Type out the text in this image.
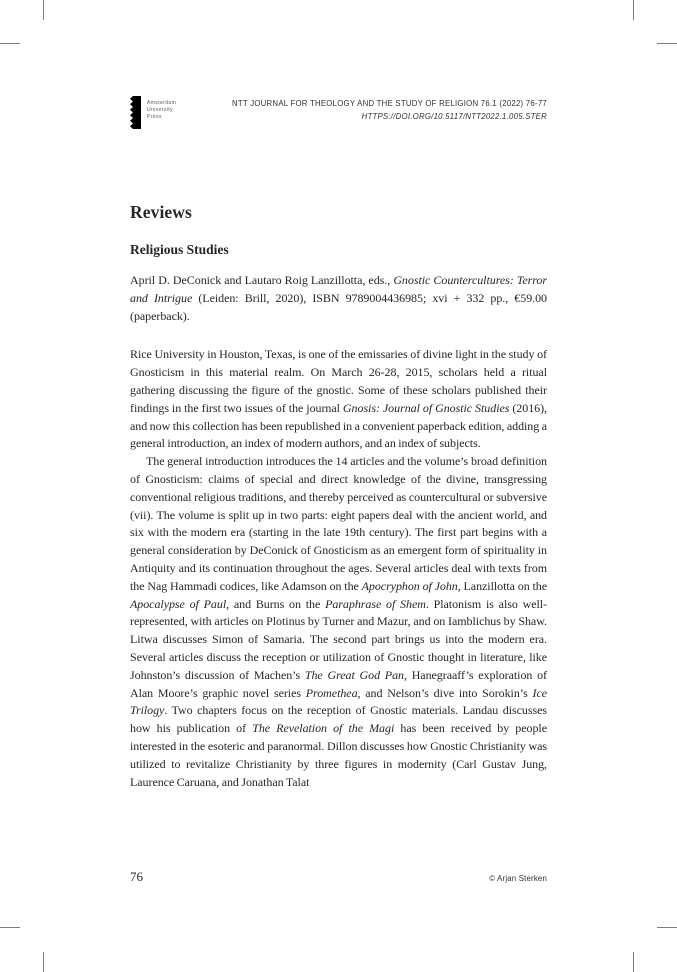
Amsterdam
University
Press
NTT JOURNAL FOR THEOLOGY AND THE STUDY OF RELIGION 76.1 (2022) 76-77
HTTPS://DOI.ORG/10.5117/NTT2022.1.005.STER
Reviews
Religious Studies

April D. DeConick and Lautaro Roig Lanzillotta, eds., Gnostic Countercultures: Terror and Intrigue (Leiden: Brill, 2020), ISBN 9789004436985; xvi + 332 pp., €59.00 (paperback).

Rice University in Houston, Texas, is one of the emissaries of divine light in the study of Gnosticism in this material realm. On March 26-28, 2015, scholars held a ritual gathering discussing the figure of the gnostic. Some of these scholars published their findings in the first two issues of the journal Gnosis: Journal of Gnostic Studies (2016), and now this collection has been republished in a convenient paperback edition, adding a general introduction, an index of modern authors, and an index of subjects.

The general introduction introduces the 14 articles and the volume’s broad definition of Gnosticism: claims of special and direct knowledge of the divine, transgressing conventional religious traditions, and thereby perceived as countercultural or subversive (vii). The volume is split up in two parts: eight papers deal with the ancient world, and six with the modern era (starting in the late 19th century). The first part begins with a general consideration by DeConick of Gnosticism as an emergent form of spirituality in Antiquity and its continuation throughout the ages. Several articles deal with texts from the Nag Hammadi codices, like Adamson on the Apocryphon of John, Lanzillotta on the Apocalypse of Paul, and Burns on the Paraphrase of Shem. Platonism is also well-represented, with articles on Plotinus by Turner and Mazur, and on Iamblichus by Shaw. Litwa discusses Simon of Samaria. The second part brings us into the modern era. Several articles discuss the reception or utilization of Gnostic thought in literature, like Johnston’s discussion of Machen’s The Great God Pan, Hanegraaff’s exploration of Alan Moore’s graphic novel series Promethea, and Nelson’s dive into Sorokin’s Ice Trilogy. Two chapters focus on the reception of Gnostic materials. Landau discusses how his publication of The Revelation of the Magi has been received by people interested in the esoteric and paranormal. Dillon discusses how Gnostic Christianity was utilized to revitalize Christianity by three figures in modernity (Carl Gustav Jung, Laurence Caruana, and Jonathan Talat

76	© Arjan Sterken
